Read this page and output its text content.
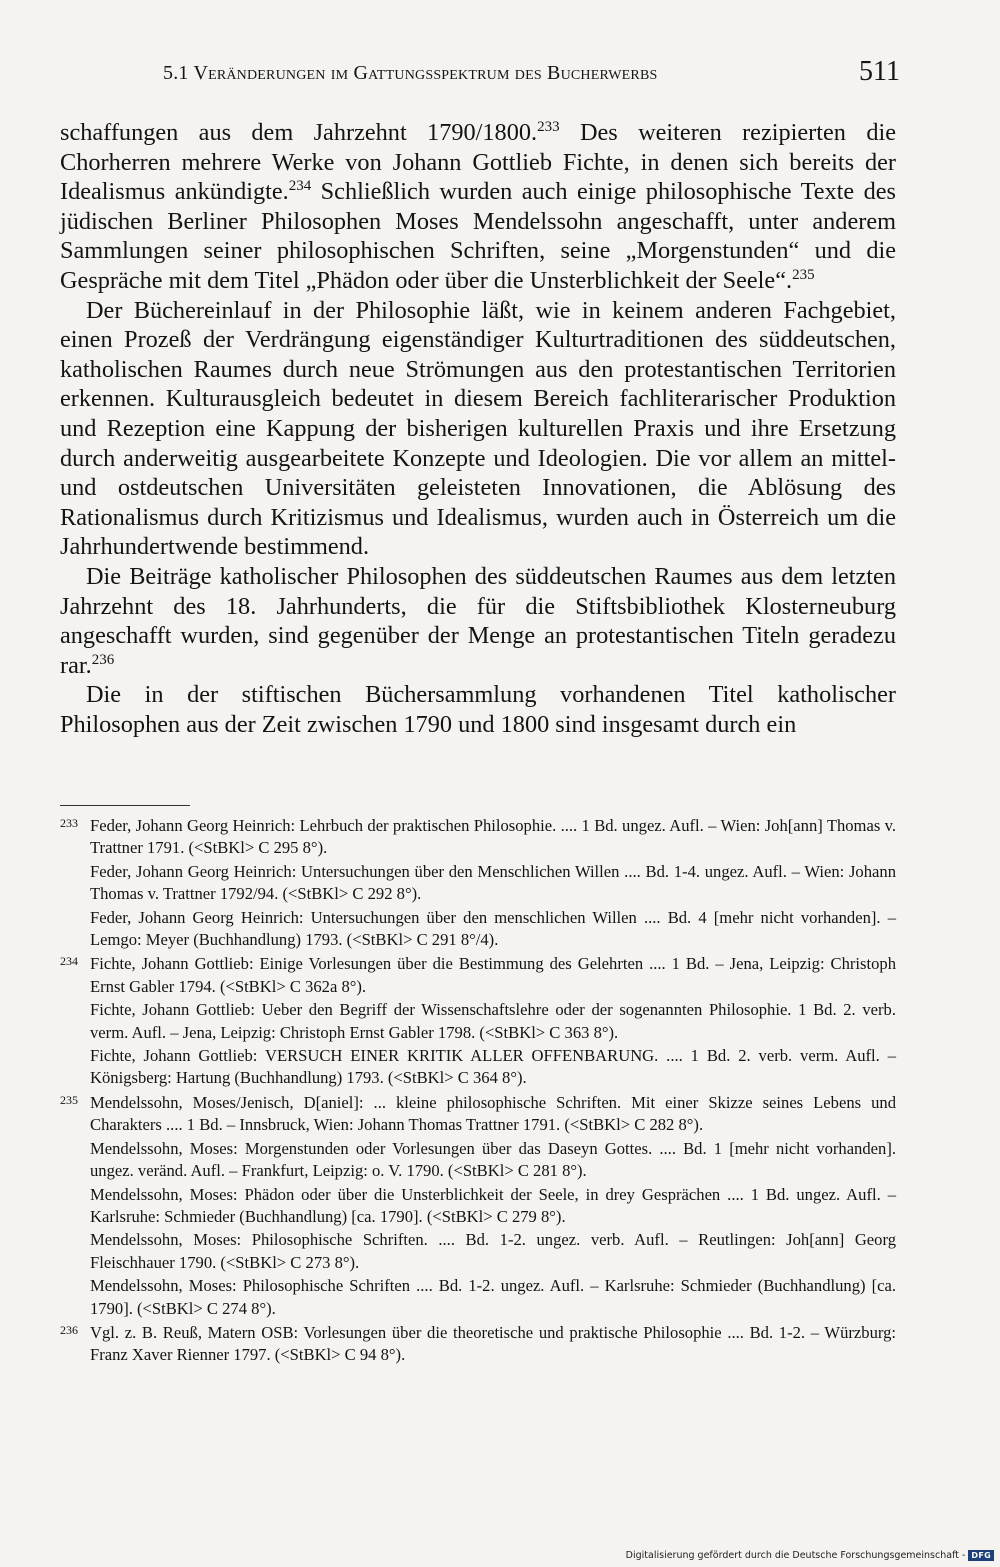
5.1 Veränderungen im Gattungsspektrum des Bucherwerbs	511

schaffungen aus dem Jahrzehnt 1790/1800.$^{233}$ Des weiteren rezipierten die Chorherren mehrere Werke von Johann Gottlieb Fichte, in denen sich bereits der Idealismus ankündigte.$^{234}$ Schließlich wurden auch einige philosophische Texte des jüdischen Berliner Philosophen Moses Mendelssohn angeschafft, unter anderem Sammlungen seiner philosophischen Schriften, seine „Morgenstunden“ und die Gespräche mit dem Titel „Phädon oder über die Unsterblichkeit der Seele“.$^{235}$

Der Büchereinlauf in der Philosophie läßt, wie in keinem anderen Fachgebiet, einen Prozeß der Verdrängung eigenständiger Kulturtraditionen des süddeutschen, katholischen Raumes durch neue Strömungen aus den protestantischen Territorien erkennen. Kulturausgleich bedeutet in diesem Bereich fachliterarischer Produktion und Rezeption eine Kappung der bisherigen kulturellen Praxis und ihre Ersetzung durch anderweitig ausgearbeitete Konzepte und Ideologien. Die vor allem an mittel- und ostdeutschen Universitäten geleisteten Innovationen, die Ablösung des Rationalismus durch Kritizismus und Idealismus, wurden auch in Österreich um die Jahrhundertwende bestimmend.

Die Beiträge katholischer Philosophen des süddeutschen Raumes aus dem letzten Jahrzehnt des 18. Jahrhunderts, die für die Stiftsbibliothek Klosterneuburg angeschafft wurden, sind gegenüber der Menge an protestantischen Titeln geradezu rar.$^{236}$

Die in der stiftischen Büchersammlung vorhandenen Titel katholischer Philosophen aus der Zeit zwischen 1790 und 1800 sind insgesamt durch ein

233 Feder, Johann Georg Heinrich: Lehrbuch der praktischen Philosophie. .... 1 Bd. ungez. Aufl. – Wien: Joh[ann] Thomas v. Trattner 1791. (<StBKl> C 295 8°).

Feder, Johann Georg Heinrich: Untersuchungen über den Menschlichen Willen .... Bd. 1-4. ungez. Aufl. – Wien: Johann Thomas v. Trattner 1792/94. (<StBKl> C 292 8°).

Feder, Johann Georg Heinrich: Untersuchungen über den menschlichen Willen .... Bd. 4 [mehr nicht vorhanden]. – Lemgo: Meyer (Buchhandlung) 1793. (<StBKl> C 291 8°/4).

234 Fichte, Johann Gottlieb: Einige Vorlesungen über die Bestimmung des Gelehrten .... 1 Bd. – Jena, Leipzig: Christoph Ernst Gabler 1794. (<StBKl> C 362a 8°).

Fichte, Johann Gottlieb: Ueber den Begriff der Wissenschaftslehre oder der sogenannten Philosophie. 1 Bd. 2. verb. verm. Aufl. – Jena, Leipzig: Christoph Ernst Gabler 1798. (<StBKl> C 363 8°).

Fichte, Johann Gottlieb: VERSUCH EINER KRITIK ALLER OFFENBARUNG. .... 1 Bd. 2. verb. verm. Aufl. – Königsberg: Hartung (Buchhandlung) 1793. (<StBKl> C 364 8°).

235 Mendelssohn, Moses/Jenisch, D[aniel]: ... kleine philosophische Schriften. Mit einer Skizze seines Lebens und Charakters .... 1 Bd. – Innsbruck, Wien: Johann Thomas Trattner 1791. (<StBKl> C 282 8°).

Mendelssohn, Moses: Morgenstunden oder Vorlesungen über das Daseyn Gottes. .... Bd. 1 [mehr nicht vorhanden]. ungez. veränd. Aufl. – Frankfurt, Leipzig: o. V. 1790. (<StBKl> C 281 8°).

Mendelssohn, Moses: Phädon oder über die Unsterblichkeit der Seele, in drey Gesprächen .... 1 Bd. ungez. Aufl. – Karlsruhe: Schmieder (Buchhandlung) [ca. 1790]. (<StBKl> C 279 8°).

Mendelssohn, Moses: Philosophische Schriften. .... Bd. 1-2. ungez. verb. Aufl. – Reutlingen: Joh[ann] Georg Fleischhauer 1790. (<StBKl> C 273 8°).

Mendelssohn, Moses: Philosophische Schriften .... Bd. 1-2. ungez. Aufl. – Karlsruhe: Schmieder (Buchhandlung) [ca. 1790]. (<StBKl> C 274 8°).

236 Vgl. z. B. Reuß, Matern OSB: Vorlesungen über die theoretische und praktische Philosophie .... Bd. 1-2. – Würzburg: Franz Xaver Rienner 1797. (<StBKl> C 94 8°).

Digitalisierung gefördert durch die Deutsche Forschungsgemeinschaft - DFG
